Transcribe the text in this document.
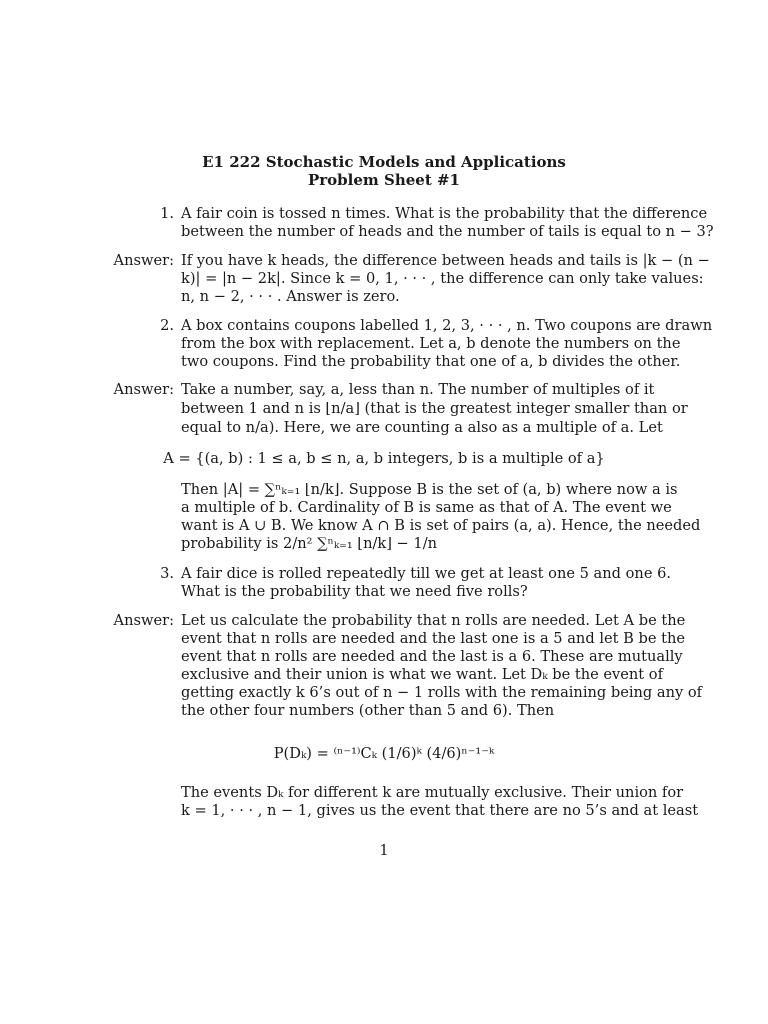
E1 222 Stochastic Models and Applications
Problem Sheet #1
1. A fair coin is tossed n times. What is the probability that the difference
between the number of heads and the number of tails is equal to n − 3?
Answer: If you have k heads, the difference between heads and tails is |k − (n −
k)| = |n − 2k|. Since k = 0, 1, · · · , the difference can only take values:
n, n − 2, · · · . Answer is zero.
2. A box contains coupons labelled 1, 2, 3, · · · , n. Two coupons are drawn
from the box with replacement. Let a, b denote the numbers on the
two coupons. Find the probability that one of a, b divides the other.
Answer: Take a number, say, a, less than n. The number of multiples of it
between 1 and n is ⌊n/a⌋ (that is the greatest integer smaller than or
equal to n/a). Here, we are counting a also as a multiple of a. Let
A = {(a, b) : 1 ≤ a, b ≤ n, a, b integers, b is a multiple of a}
Then |A| = ∑ⁿₖ₌₁ ⌊n/k⌋. Suppose B is the set of (a, b) where now a is
a multiple of b. Cardinality of B is same as that of A. The event we
want is A ∪ B. We know A ∩ B is set of pairs (a, a). Hence, the needed
probability is 2/n² ∑ⁿₖ₌₁ ⌊n/k⌋ − 1/n
3. A fair dice is rolled repeatedly till we get at least one 5 and one 6.
What is the probability that we need five rolls?
Answer: Let us calculate the probability that n rolls are needed. Let A be the
event that n rolls are needed and the last one is a 5 and let B be the
event that n rolls are needed and the last is a 6. These are mutually
exclusive and their union is what we want. Let Dₖ be the event of
getting exactly k 6’s out of n − 1 rolls with the remaining being any of
the other four numbers (other than 5 and 6). Then
P(Dₖ) = ⁽ⁿ⁻¹⁾Cₖ (1/6)ᵏ (4/6)ⁿ⁻¹⁻ᵏ
The events Dₖ for different k are mutually exclusive. Their union for
k = 1, · · · , n − 1, gives us the event that there are no 5’s and at least
1
